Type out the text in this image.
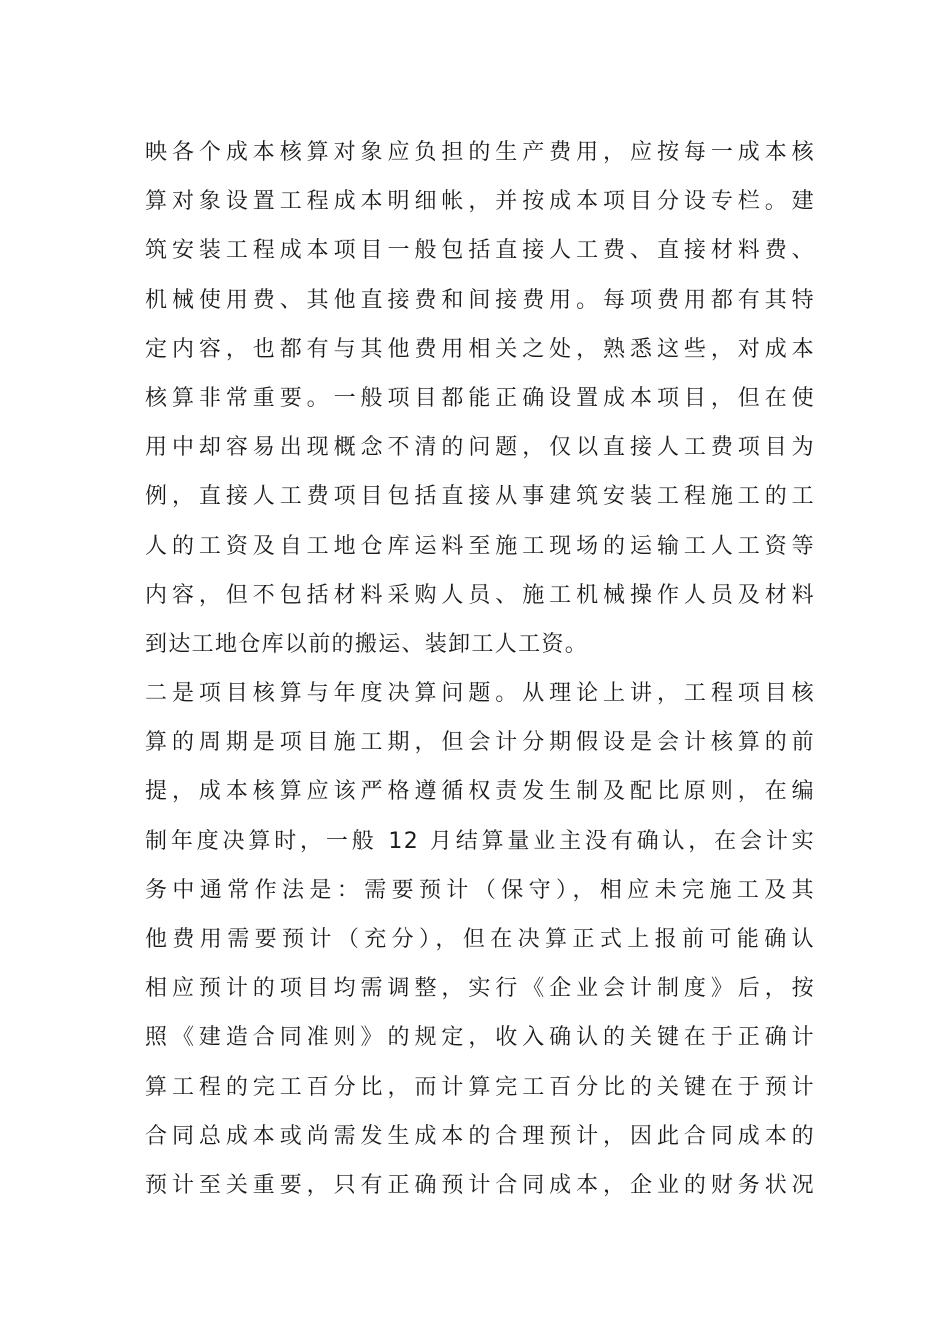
映各个成本核算对象应负担的生产费用，应按每一成本核
算对象设置工程成本明细帐，并按成本项目分设专栏。建
筑安装工程成本项目一般包括直接人工费、直接材料费、
机械使用费、其他直接费和间接费用。每项费用都有其特
定内容，也都有与其他费用相关之处，熟悉这些，对成本
核算非常重要。一般项目都能正确设置成本项目，但在使
用中却容易出现概念不清的问题，仅以直接人工费项目为
例，直接人工费项目包括直接从事建筑安装工程施工的工
人的工资及自工地仓库运料至施工现场的运输工人工资等
内容，但不包括材料采购人员、施工机械操作人员及材料
到达工地仓库以前的搬运、装卸工人工资。
二是项目核算与年度决算问题。从理论上讲，工程项目核
算的周期是项目施工期，但会计分期假设是会计核算的前
提，成本核算应该严格遵循权责发生制及配比原则，在编
制年度决算时，一般 12 月结算量业主没有确认，在会计实
务中通常作法是：需要预计（保守），相应未完施工及其
他费用需要预计（充分），但在决算正式上报前可能确认
相应预计的项目均需调整，实行《企业会计制度》后，按
照《建造合同准则》的规定，收入确认的关键在于正确计
算工程的完工百分比，而计算完工百分比的关键在于预计
合同总成本或尚需发生成本的合理预计，因此合同成本的
预计至关重要，只有正确预计合同成本，企业的财务状况
